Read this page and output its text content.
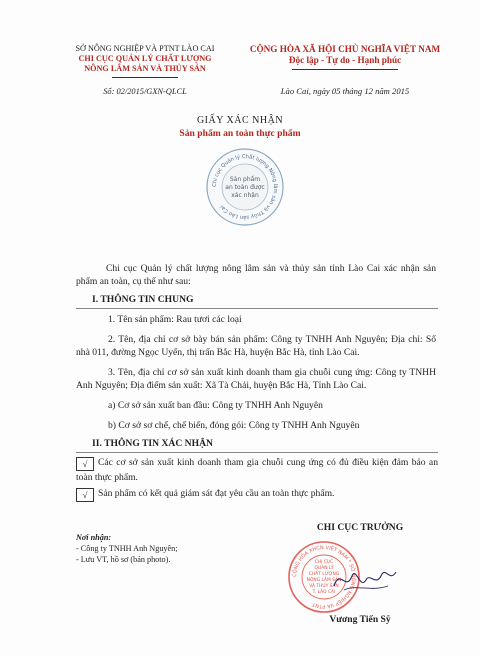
SỞ NÔNG NGHIỆP VÀ PTNT LÀO CAI
CHI CỤC QUẢN LÝ CHẤT LƯỢNG
NÔNG LÂM SẢN VÀ THỦY SẢN
Số: 02/2015/GXN-QLCL
CỘNG HÒA XÃ HỘI CHỦ NGHĨA VIỆT NAM
Độc lập - Tự do - Hạnh phúc
Lào Cai, ngày 05 tháng 12 năm 2015
GIẤY XÁC NHẬN
Sản phẩm an toàn thực phẩm
Chi cục Quản lý Chất lượng Nông lâm sản và Thủy sản Lào Cai
Sản phẩm
an toàn được
xác nhận
Chi cục Quản lý chất lượng nông lâm sản và thủy sản tỉnh Lào Cai xác nhận sản phẩm an toàn, cụ thể như sau:
I. THÔNG TIN CHUNG
1. Tên sản phẩm: Rau tươi các loại
2. Tên, địa chỉ cơ sở bày bán sản phẩm: Công ty TNHH Anh Nguyên; Địa chỉ: Số nhà 011, đường Ngọc Uyển, thị trấn Bắc Hà, huyện Bắc Hà, tỉnh Lào Cai.
3. Tên, địa chỉ cơ sở sản xuất kinh doanh tham gia chuỗi cung ứng: Công ty TNHH Anh Nguyên; Địa điểm sản xuất: Xã Tà Chải, huyện Bắc Hà, Tỉnh Lào Cai.
a) Cơ sở sản xuất ban đầu: Công ty TNHH Anh Nguyên
b) Cơ sở sơ chế, chế biến, đóng gói: Công ty TNHH Anh Nguyên
II. THÔNG TIN XÁC NHẬN
√ Các cơ sở sản xuất kinh doanh tham gia chuỗi cung ứng có đủ điều kiện đảm bảo an toàn thực phẩm.
√ Sản phẩm có kết quả giám sát đạt yêu cầu an toàn thực phẩm.
Nơi nhận:
- Công ty TNHH Anh Nguyên;
- Lưu VT, hồ sơ (bản photo).
CHI CỤC TRƯỞNG
CỘNG HÒA XHCN VIỆT NAM * SỞ NÔNG NGHIỆP VÀ PTNT
CHI CỤC
QUẢN LÝ
CHẤT LƯỢNG
NÔNG LÂM SẢN
VÀ THỦY SẢN
T. LÀO CAI
Vương Tiến Sỹ
